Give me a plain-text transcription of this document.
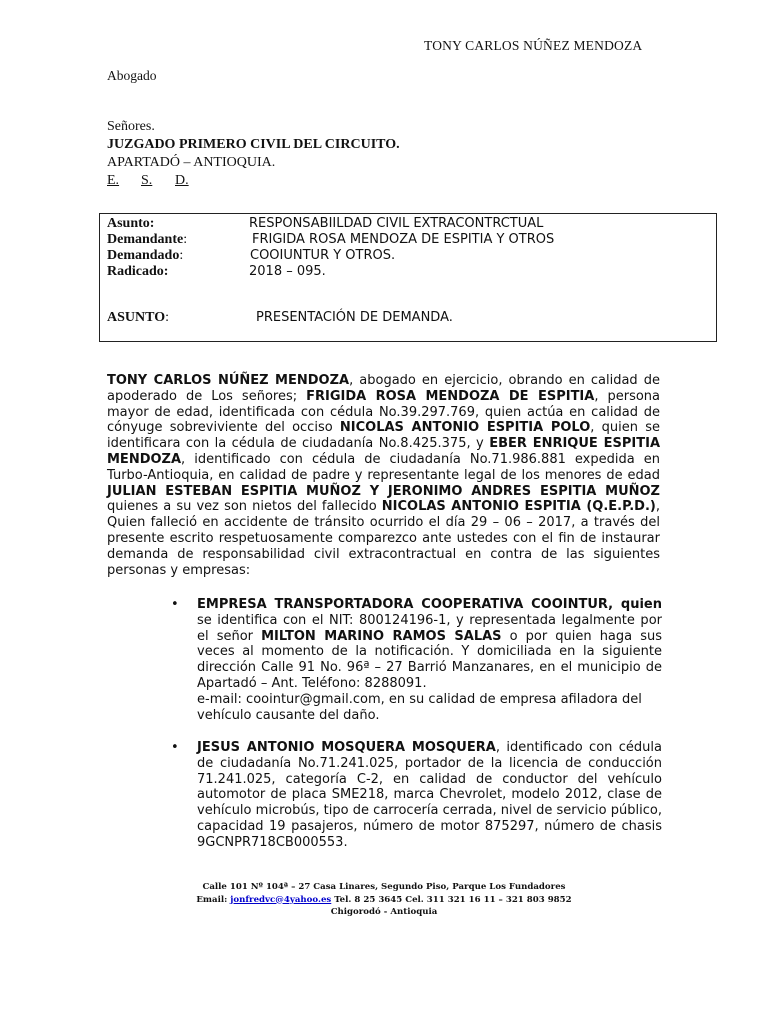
TONY CARLOS NÚÑEZ MENDOZA
Abogado
Señores.
JUZGADO PRIMERO CIVIL DEL CIRCUITO.
APARTADÓ – ANTIOQUIA.
E. S. D.
Asunto:	RESPONSABIILDAD CIVIL EXTRACONTRCTUAL
Demandante:	FRIGIDA ROSA MENDOZA DE ESPITIA Y OTROS
Demandado:	COOIUNTUR Y OTROS.
Radicado:	2018 – 095.
ASUNTO:	PRESENTACIÓN DE DEMANDA.
TONY CARLOS NÚÑEZ MENDOZA, abogado en ejercicio, obrando en calidad de apoderado de Los señores; FRIGIDA ROSA MENDOZA DE ESPITIA, persona mayor de edad, identificada con cédula No.39.297.769, quien actúa en calidad de cónyuge sobreviviente del occiso NICOLAS ANTONIO ESPITIA POLO, quien se identificara con la cédula de ciudadanía No.8.425.375, y EBER ENRIQUE ESPITIA MENDOZA, identificado con cédula de ciudadanía No.71.986.881 expedida en Turbo-Antioquia, en calidad de padre y representante legal de los menores de edad JULIAN ESTEBAN ESPITIA MUÑOZ Y JERONIMO ANDRES ESPITIA MUÑOZ quienes a su vez son nietos del fallecido NICOLAS ANTONIO ESPITIA (Q.E.P.D.), Quien falleció en accidente de tránsito ocurrido el día 29 – 06 – 2017, a través del presente escrito respetuosamente comparezco ante ustedes con el fin de instaurar demanda de responsabilidad civil extracontractual en contra de las siguientes personas y empresas:
• EMPRESA TRANSPORTADORA COOPERATIVA COOINTUR, quien se identifica con el NIT: 800124196-1, y representada legalmente por el señor MILTON MARINO RAMOS SALAS o por quien haga sus veces al momento de la notificación. Y domiciliada en la siguiente dirección Calle 91 No. 96ª – 27 Barrió Manzanares, en el municipio de Apartadó – Ant. Teléfono: 8288091.
e-mail: coointur@gmail.com, en su calidad de empresa afiladora del vehículo causante del daño.
• JESUS ANTONIO MOSQUERA MOSQUERA, identificado con cédula de ciudadanía No.71.241.025, portador de la licencia de conducción 71.241.025, categoría C-2, en calidad de conductor del vehículo automotor de placa SME218, marca Chevrolet, modelo 2012, clase de vehículo microbús, tipo de carrocería cerrada, nivel de servicio público, capacidad 19 pasajeros, número de motor 875297, número de chasis 9GCNPR718CB000553.
Calle 101 Nº 104ª – 27 Casa Linares, Segundo Piso, Parque Los Fundadores
Email: jonfredvc@4yahoo.es Tel. 8 25 3645 Cel. 311 321 16 11 – 321 803 9852
Chigorodó - Antioquia
